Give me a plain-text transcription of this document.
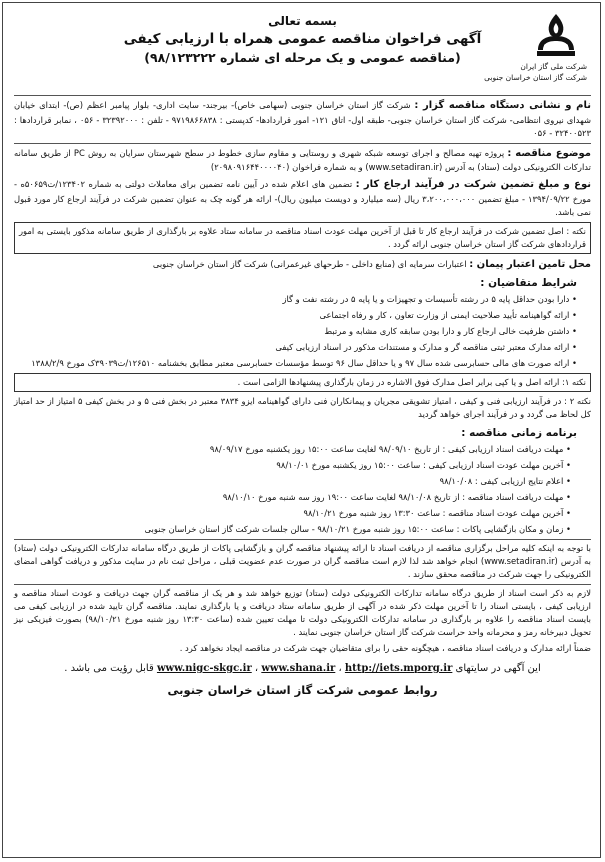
شرکت ملی گاز ایران
شرکت گاز استان خراسان جنوبی
بسمه تعالی
آگهی فراخوان مناقصه عمومی همراه با ارزیابی کیفی
(مناقصه عمومی و یک مرحله ای شماره ۹۸/۱۲۳۲۲۲)

نام و نشانی دستگاه مناقصه گزار : شرکت گاز استان خراسان جنوبی (سهامی خاص)- بیرجند- سایت اداری- بلوار پیامبر اعظم (ص)- ابتدای خیابان شهدای نیروی انتظامی- شرکت گاز استان خراسان جنوبی- طبقه اول- اتاق ۱۲۱- امور قراردادها- کدپستی : ۹۷۱۹۸۶۶۸۳۸ - تلفن : ۳۲۳۹۲۰۰۰ - ۰۵۶ ، نمابر قراردادها : ۳۲۴۰۰۵۲۳ - ۰۵۶

موضوع مناقصه : پروژه تهیه مصالح و اجرای توسعه شبکه شهری و روستایی و مقاوم سازی خطوط در سطح شهرستان سرایان به روش PC از طریق سامانه تدارکات الکترونیکی دولت (ستاد) به آدرس (www.setadiran.ir) و به شماره فراخوان (۲۰۹۸۰۹۱۶۴۴۰۰۰۰۴۰)

نوع و مبلغ تضمین شرکت در فرآیند ارجاع کار : تضمین های اعلام شده در آیین نامه تضمین برای معاملات دولتی به شماره ۱۲۳۴۰۲/ت۵۰۶۵۹ه - مورخ ۱۳۹۴/۰۹/۲۲ - مبلغ تضمین ۳،۲۰۰،۰۰۰،۰۰۰ ریال (سه میلیارد و دویست میلیون ریال)- ارائه هر گونه چک به عنوان تضمین شرکت در فرآیند ارجاع کار مورد قبول نمی باشد.

نکته : اصل تضمین شرکت در فرآیند ارجاع کار تا قبل از آخرین مهلت عودت اسناد مناقصه در سامانه ستاد علاوه بر بارگذاری از طریق سامانه مذکور بایستی به امور قراردادهای شرکت گاز استان خراسان جنوبی ارائه گردد .

محل تامین اعتبار پیمان : اعتبارات سرمایه ای (منابع داخلی - طرحهای غیرعمرانی) شرکت گاز استان خراسان جنوبی

شرایط متقاضیان :
• دارا بودن حداقل پایه ۵ در رشته تأسیسات و تجهیزات و یا پایه ۵ در رشته نفت و گاز
• ارائه گواهینامه تأیید صلاحیت ایمنی از وزارت تعاون ، کار و رفاه اجتماعی
• داشتن ظرفیت خالی ارجاع کار و دارا بودن سابقه کاری مشابه و مرتبط
• ارائه مدارک معتبر ثبتی مناقصه گر و مدارک و مستندات مذکور در اسناد ارزیابی کیفی
• ارائه صورت های مالی حسابرسی شده سال ۹۷ و یا حداقل سال ۹۶ توسط مؤسسات حسابرسی معتبر مطابق بخشنامه ۱۲۶۵۱۰/ت۳۹۰۳۹ک مورخ ۱۳۸۸/۲/۹
نکته ۱: ارائه اصل و یا کپی برابر اصل مدارک فوق الاشاره در زمان بارگذاری پیشنهادها الزامی است .

نکته ۲ : در فرآیند ارزیابی فنی و کیفی ، امتیاز تشویقی مجریان و پیمانکاران فنی دارای گواهینامه ایزو ۳۸۳۴ معتبر در بخش فنی ۵ و در بخش کیفی ۵ امتیاز از حد امتیاز کل لحاظ می گردد و در فرآیند اجرای خواهد گردید

برنامه زمانی مناقصه :
• مهلت دریافت اسناد ارزیابی کیفی : از تاریخ ۹۸/۰۹/۱۰ لغایت ساعت ۱۵:۰۰ روز یکشنبه مورخ ۹۸/۰۹/۱۷
• آخرین مهلت عودت اسناد ارزیابی کیفی : ساعت ۱۵:۰۰ روز یکشنبه مورخ ۹۸/۱۰/۰۱
• اعلام نتایج ارزیابی کیفی : ۹۸/۱۰/۰۸
• مهلت دریافت اسناد مناقصه : از تاریخ ۹۸/۱۰/۰۸ لغایت ساعت ۱۹:۰۰ روز سه شنبه مورخ ۹۸/۱۰/۱۰
• آخرین مهلت عودت اسناد مناقصه : ساعت ۱۳:۳۰ روز شنبه مورخ ۹۸/۱۰/۲۱
• زمان و مکان بازگشایی پاکات : ساعت ۱۵:۰۰ روز شنبه مورخ ۹۸/۱۰/۲۱ - سالن جلسات شرکت گاز استان خراسان جنوبی

با توجه به اینکه کلیه مراحل برگزاری مناقصه از دریافت اسناد تا ارائه پیشنهاد مناقصه گران و بازگشایی پاکات از طریق درگاه سامانه تدارکات الکترونیکی دولت (ستاد) به آدرس (www.setadiran.ir) انجام خواهد شد لذا لازم است مناقصه گران در صورت عدم عضویت قبلی ، مراحل ثبت نام در سایت مذکور و دریافت گواهی امضای الکترونیکی را جهت شرکت در مناقصه محقق سازند .

لازم به ذکر است اسناد از طریق درگاه سامانه تدارکات الکترونیکی دولت (ستاد) توزیع خواهد شد و هر یک از مناقصه گران جهت دریافت و عودت اسناد مناقصه و ارزیابی کیفی ، بایستی اسناد را تا آخرین مهلت ذکر شده در آگهی از طریق سامانه ستاد دریافت و یا بارگذاری نمایند. مناقصه گران تایید شده در ارزیابی کیفی می بایست اسناد مناقصه را علاوه بر بارگذاری در سامانه تدارکات الکترونیکی دولت تا مهلت تعیین شده (ساعت ۱۳:۳۰ روز شنبه مورخ ۹۸/۱۰/۲۱) بصورت فیزیکی نیز تحویل دبیرخانه رمز و محرمانه واحد حراست شرکت گاز استان خراسان جنوبی نمایند .

ضمناً ارائه مدارک و دریافت اسناد مناقصه ، هیچگونه حقی را برای متقاضیان جهت شرکت در مناقصه ایجاد نخواهد کرد .

این آگهی در سایتهای www.nigc-skgc.ir ، www.shana.ir ، http://iets.mporg.ir قابل رؤیت می باشد .
روابط عمومی شرکت گاز استان خراسان جنوبی
